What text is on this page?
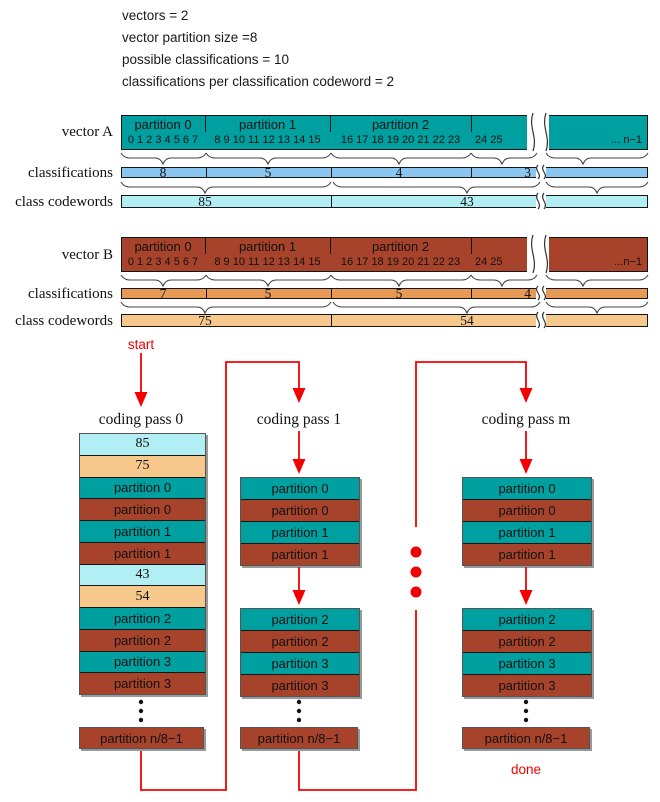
vectors = 2
vector partition size =8
possible classifications = 10
classifications per classification codeword = 2
vector A
classifications
class codewords
vector B
classifications
class codewords
start
done
partition 0
0 1 2 3 4 5 6 7
partition 1
8 9 10 11 12 13 14 15
partition 2
16 17 18 19 20 21 22 23	24 25	... n−1
8	5	4	3
85	43
partition 0
0 1 2 3 4 5 6 7
partition 1
8 9 10 11 12 13 14 15
partition 2
16 17 18 19 20 21 22 23	24 25	...n−1
7	5	5	4
75	54
coding pass 0
85
75
partition 0
partition 0
partition 1
partition 1
43
54
partition 2
partition 2
partition 3
partition 3
partition n/8−1
coding pass 1
partition 0
partition 0
partition 1
partition 1
partition 2
partition 2
partition 3
partition 3
partition n/8−1
coding pass m
partition 0
partition 0
partition 1
partition 1
partition 2
partition 2
partition 3
partition 3
partition n/8−1
